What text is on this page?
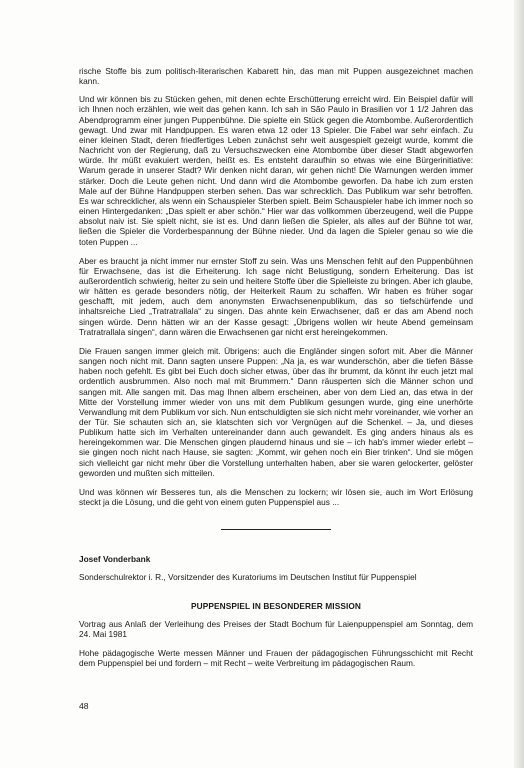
rische Stoffe bis zum politisch-literarischen Kabarett hin, das man mit Puppen ausgezeichnet machen kann.

Und wir können bis zu Stücken gehen, mit denen echte Erschütterung erreicht wird. Ein Beispiel dafür will ich Ihnen noch erzählen, wie weit das gehen kann. Ich sah in São Paulo in Brasilien vor 1 1/2 Jahren das Abendprogramm einer jungen Puppenbühne. Die spielte ein Stück gegen die Atombombe. Außerordentlich gewagt. Und zwar mit Handpuppen. Es waren etwa 12 oder 13 Spieler. Die Fabel war sehr einfach. Zu einer kleinen Stadt, deren friedfertiges Leben zunächst sehr weit ausgespielt gezeigt wurde, kommt die Nachricht von der Regierung, daß zu Versuchszwecken eine Atombombe über dieser Stadt abgeworfen würde. Ihr müßt evakuiert werden, heißt es. Es entsteht daraufhin so etwas wie eine Bürgerinitiative: Warum gerade in unserer Stadt? Wir denken nicht daran, wir gehen nicht! Die Warnungen werden immer stärker. Doch die Leute gehen nicht. Und dann wird die Atombombe geworfen. Da habe ich zum ersten Male auf der Bühne Handpuppen sterben sehen. Das war schrecklich. Das Publikum war sehr betroffen. Es war schrecklicher, als wenn ein Schauspieler Sterben spielt. Beim Schauspieler habe ich immer noch so einen Hintergedanken: „Das spielt er aber schön.“ Hier war das vollkommen überzeugend, weil die Puppe absolut naiv ist. Sie spielt nicht, sie ist es. Und dann ließen die Spieler, als alles auf der Bühne tot war, ließen die Spieler die Vorderbespannung der Bühne nieder. Und da lagen die Spieler genau so wie die toten Puppen ...

Aber es braucht ja nicht immer nur ernster Stoff zu sein. Was uns Menschen fehlt auf den Puppenbühnen für Erwachsene, das ist die Erheiterung. Ich sage nicht Belustigung, sondern Erheiterung. Das ist außerordentlich schwierig, heiter zu sein und heitere Stoffe über die Spielleiste zu bringen. Aber ich glaube, wir hätten es gerade besonders nötig, der Heiterkeit Raum zu schaffen. Wir haben es früher sogar geschafft, mit jedem, auch dem anonymsten Erwachsenenpublikum, das so tiefschürfende und inhaltsreiche Lied „Tratratrallala“ zu singen. Das ahnte kein Erwachsener, daß er das am Abend noch singen würde. Denn hätten wir an der Kasse gesagt: „Übrigens wollen wir heute Abend gemeinsam Tratratrallala singen“, dann wären die Erwachsenen gar nicht erst hereingekommen.

Die Frauen sangen immer gleich mit. Übrigens: auch die Engländer singen sofort mit. Aber die Männer sangen noch nicht mit. Dann sagten unsere Puppen: „Na ja, es war wunderschön, aber die tiefen Bässe haben noch gefehlt. Es gibt bei Euch doch sicher etwas, über das ihr brummt, da könnt ihr euch jetzt mal ordentlich ausbrummen. Also noch mal mit Brummern.“ Dann räusperten sich die Männer schon und sangen mit. Alle sangen mit. Das mag Ihnen albern erscheinen, aber von dem Lied an, das etwa in der Mitte der Vorstellung immer wieder von uns mit dem Publikum gesungen wurde, ging eine unerhörte Verwandlung mit dem Publikum vor sich. Nun entschuldigten sie sich nicht mehr voreinander, wie vorher an der Tür. Sie schauten sich an, sie klatschten sich vor Vergnügen auf die Schenkel. – Ja, und dieses Publikum hatte sich im Verhalten untereinander dann auch gewandelt. Es ging anders hinaus als es hereingekommen war. Die Menschen gingen plaudernd hinaus und sie – ich hab's immer wieder erlebt – sie gingen noch nicht nach Hause, sie sagten: „Kommt, wir gehen noch ein Bier trinken“. Und sie mögen sich vielleicht gar nicht mehr über die Vorstellung unterhalten haben, aber sie waren gelockerter, gelöster geworden und mußten sich mitteilen.

Und was können wir Besseres tun, als die Menschen zu lockern; wir lösen sie, auch im Wort Erlösung steckt ja die Lösung, und die geht von einem guten Puppenspiel aus ...

Josef Vonderbank

Sonderschulrektor i. R., Vorsitzender des Kuratoriums im Deutschen Institut für Puppenspiel

PUPPENSPIEL IN BESONDERER MISSION

Vortrag aus Anlaß der Verleihung des Preises der Stadt Bochum für Laienpuppenspiel am Sonntag, dem 24. Mai 1981

Hohe pädagogische Werte messen Männer und Frauen der pädagogischen Führungsschicht mit Recht dem Puppenspiel bei und fordern – mit Recht – weite Verbreitung im pädagogischen Raum.

48
